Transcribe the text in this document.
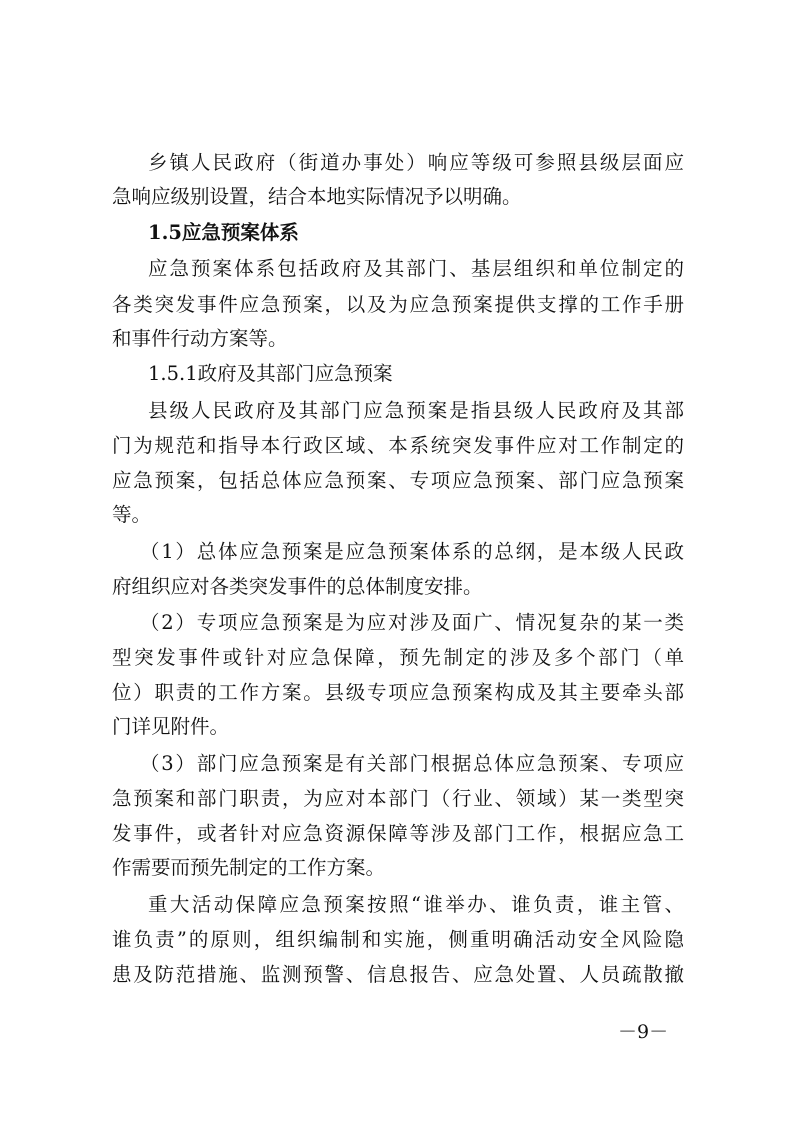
乡镇人民政府（街道办事处）响应等级可参照县级层面应
急响应级别设置，结合本地实际情况予以明确。
1.5应急预案体系
应急预案体系包括政府及其部门、基层组织和单位制定的
各类突发事件应急预案，以及为应急预案提供支撑的工作手册
和事件行动方案等。
1.5.1政府及其部门应急预案
县级人民政府及其部门应急预案是指县级人民政府及其部
门为规范和指导本行政区域、本系统突发事件应对工作制定的
应急预案，包括总体应急预案、专项应急预案、部门应急预案
等。
（1）总体应急预案是应急预案体系的总纲，是本级人民政
府组织应对各类突发事件的总体制度安排。
（2）专项应急预案是为应对涉及面广、情况复杂的某一类
型突发事件或针对应急保障，预先制定的涉及多个部门（单
位）职责的工作方案。县级专项应急预案构成及其主要牵头部
门详见附件。
（3）部门应急预案是有关部门根据总体应急预案、专项应
急预案和部门职责，为应对本部门（行业、领域）某一类型突
发事件，或者针对应急资源保障等涉及部门工作，根据应急工
作需要而预先制定的工作方案。
重大活动保障应急预案按照“谁举办、谁负责，谁主管、
谁负责”的原则，组织编制和实施，侧重明确活动安全风险隐
患及防范措施、监测预警、信息报告、应急处置、人员疏散撤
－9－
